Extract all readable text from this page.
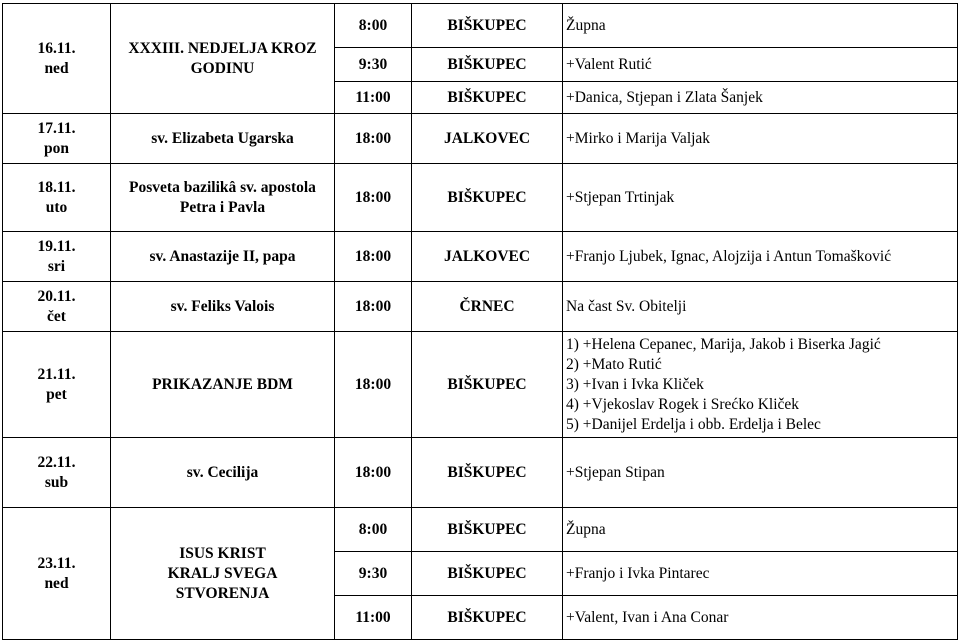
16.11.
ned	XXXIII. NEDJELJA KROZ
GODINU	8:00	BIŠKUPEC	Župna

		9:30	BIŠKUPEC	+Valent Rutić

		11:00	BIŠKUPEC	+Danica, Stjepan i Zlata Šanjek

17.11.
pon	sv. Elizabeta Ugarska	18:00	JALKOVEC	+Mirko i Marija Valjak

18.11.
uto	Posveta bazilikâ sv. apostola
Petra i Pavla	18:00	BIŠKUPEC	+Stjepan Trtinjak

19.11.
sri	sv. Anastazije II, papa	18:00	JALKOVEC	+Franjo Ljubek, Ignac, Alojzija i Antun Tomašković

20.11.
čet	sv. Feliks Valois	18:00	ČRNEC	Na čast Sv. Obitelji

21.11.
pet	PRIKAZANJE BDM	18:00	BIŠKUPEC	1) +Helena Cepanec, Marija, Jakob i Biserka Jagić
2) +Mato Rutić
3) +Ivan i Ivka Kliček
4) +Vjekoslav Rogek i Srećko Kliček
5) +Danijel Erdelja i obb. Erdelja i Belec

22.11.
sub	sv. Cecilija	18:00	BIŠKUPEC	+Stjepan Stipan

23.11.
ned	ISUS KRIST
KRALJ SVEGA
STVORENJA	8:00	BIŠKUPEC	Župna

		9:30	BIŠKUPEC	+Franjo i Ivka Pintarec

		11:00	BIŠKUPEC	+Valent, Ivan i Ana Conar
